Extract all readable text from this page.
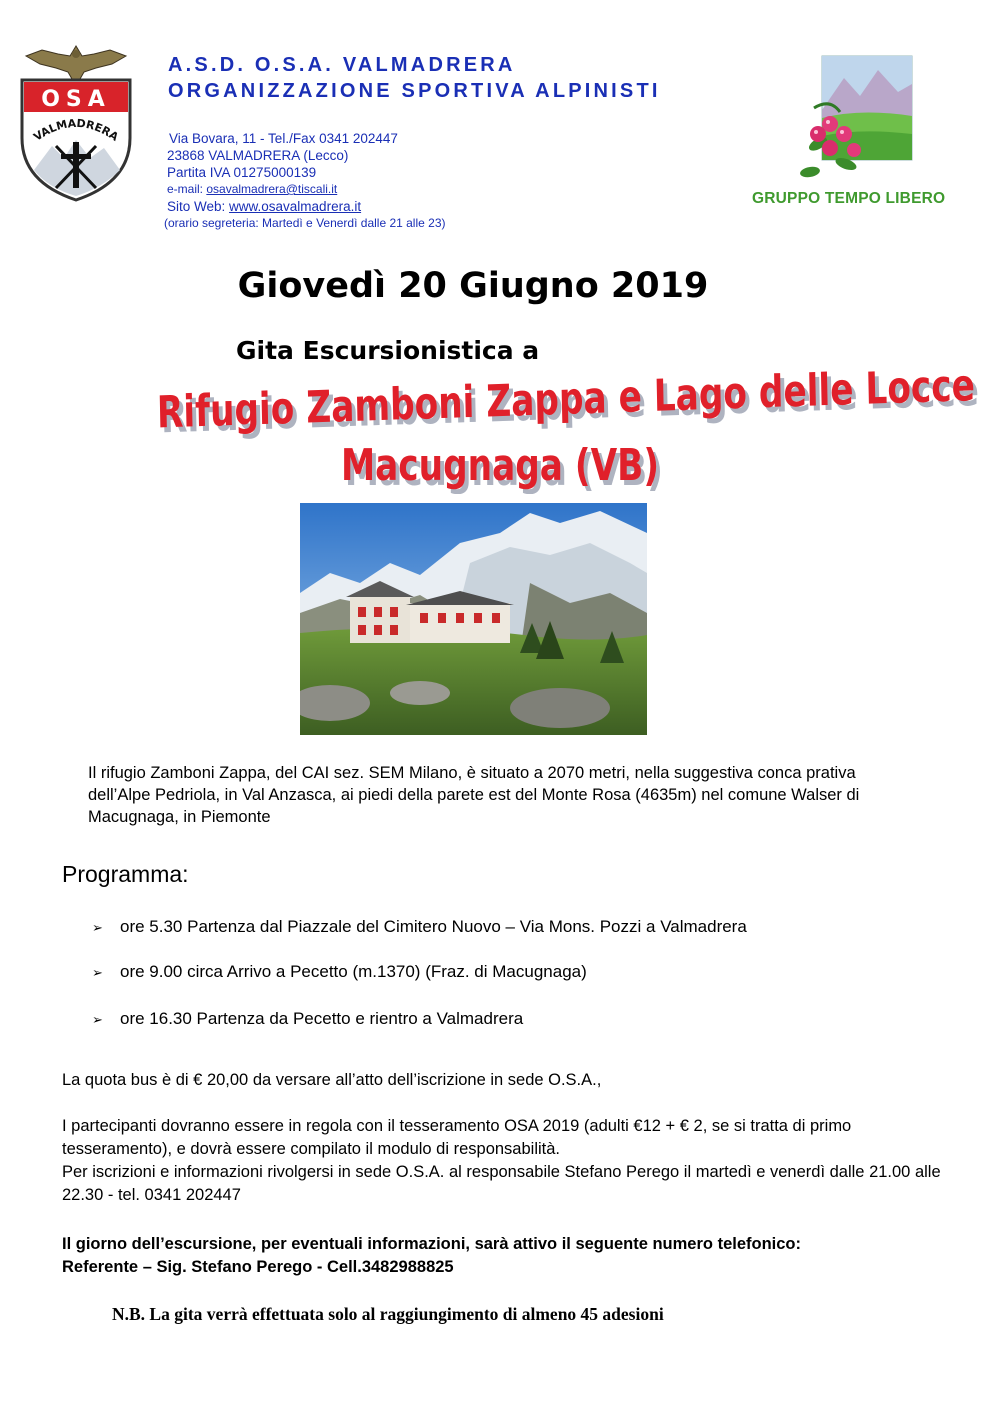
OSA
VALMADRERA
A.S.D. O.S.A. VALMADRERA
ORGANIZZAZIONE SPORTIVA ALPINISTI
Via Bovara, 11 - Tel./Fax 0341 202447
23868 VALMADRERA (Lecco)
Partita IVA 01275000139
e-mail: osavalmadrera@tiscali.it
Sito Web: www.osavalmadrera.it
(orario segreteria: Martedì e Venerdì dalle 21 alle 23)
GRUPPO TEMPO LIBERO
Giovedì 20 Giugno 2019
Gita Escursionistica a
Rifugio Zamboni Zappa e Lago delle Locce
Macugnaga (VB)
Il rifugio Zamboni Zappa, del CAI sez. SEM Milano, è situato a 2070 metri, nella suggestiva conca prativa dell’Alpe Pedriola, in Val Anzasca, ai piedi della parete est del Monte Rosa (4635m) nel comune Walser di Macugnaga, in Piemonte
Programma:
➢ ore 5.30 Partenza dal Piazzale del Cimitero Nuovo – Via Mons. Pozzi a Valmadrera
➢ ore 9.00 circa Arrivo a Pecetto (m.1370) (Fraz. di Macugnaga)
➢ ore 16.30 Partenza da Pecetto e rientro a Valmadrera
La quota bus è di € 20,00 da versare all’atto dell’iscrizione in sede O.S.A.,
I partecipanti dovranno essere in regola con il tesseramento OSA 2019 (adulti €12 + € 2, se si tratta di primo tesseramento), e dovrà essere compilato il modulo di responsabilità.
Per iscrizioni e informazioni rivolgersi in sede O.S.A. al responsabile Stefano Perego il martedì e venerdì dalle 21.00 alle 22.30 - tel. 0341 202447
Il giorno dell’escursione, per eventuali informazioni, sarà attivo il seguente numero telefonico:
Referente – Sig. Stefano Perego - Cell.3482988825
N.B. La gita verrà effettuata solo al raggiungimento di almeno 45 adesioni
